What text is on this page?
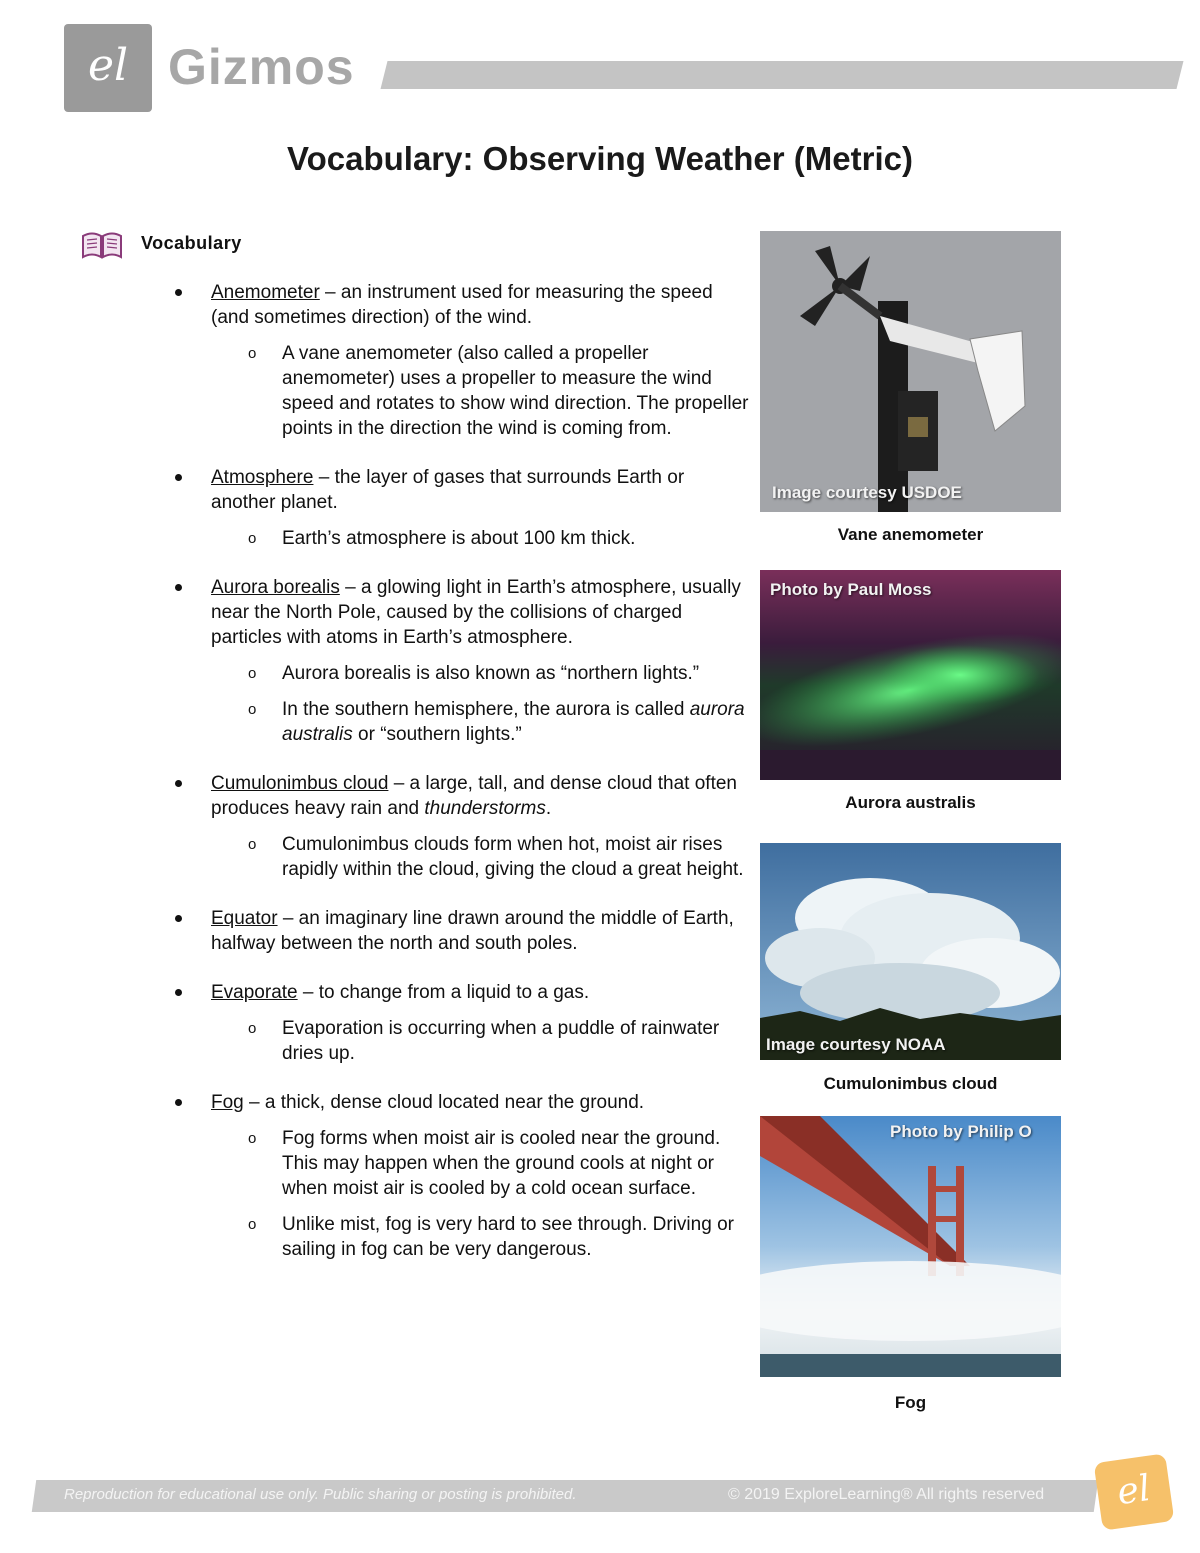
el Gizmos
Vocabulary: Observing Weather (Metric)
Vocabulary
Anemometer – an instrument used for measuring the speed (and sometimes direction) of the wind.
o A vane anemometer (also called a propeller anemometer) uses a propeller to measure the wind speed and rotates to show wind direction. The propeller points in the direction the wind is coming from.
Atmosphere – the layer of gases that surrounds Earth or another planet.
o Earth’s atmosphere is about 100 km thick.
Aurora borealis – a glowing light in Earth’s atmosphere, usually near the North Pole, caused by the collisions of charged particles with atoms in Earth’s atmosphere.
o Aurora borealis is also known as “northern lights.”
o In the southern hemisphere, the aurora is called aurora australis or “southern lights.”
Cumulonimbus cloud – a large, tall, and dense cloud that often produces heavy rain and thunderstorms.
o Cumulonimbus clouds form when hot, moist air rises rapidly within the cloud, giving the cloud a great height.
Equator – an imaginary line drawn around the middle of Earth, halfway between the north and south poles.
Evaporate – to change from a liquid to a gas.
o Evaporation is occurring when a puddle of rainwater dries up.
Fog – a thick, dense cloud located near the ground.
o Fog forms when moist air is cooled near the ground. This may happen when the ground cools at night or when moist air is cooled by a cold ocean surface.
o Unlike mist, fog is very hard to see through. Driving or sailing in fog can be very dangerous.
Image courtesy USDOE
Vane anemometer
Photo by Paul Moss
Aurora australis
Image courtesy NOAA
Cumulonimbus cloud
Photo by Philip O
Fog
Reproduction for educational use only. Public sharing or posting is prohibited.	© 2019 ExploreLearning® All rights reserved	el
